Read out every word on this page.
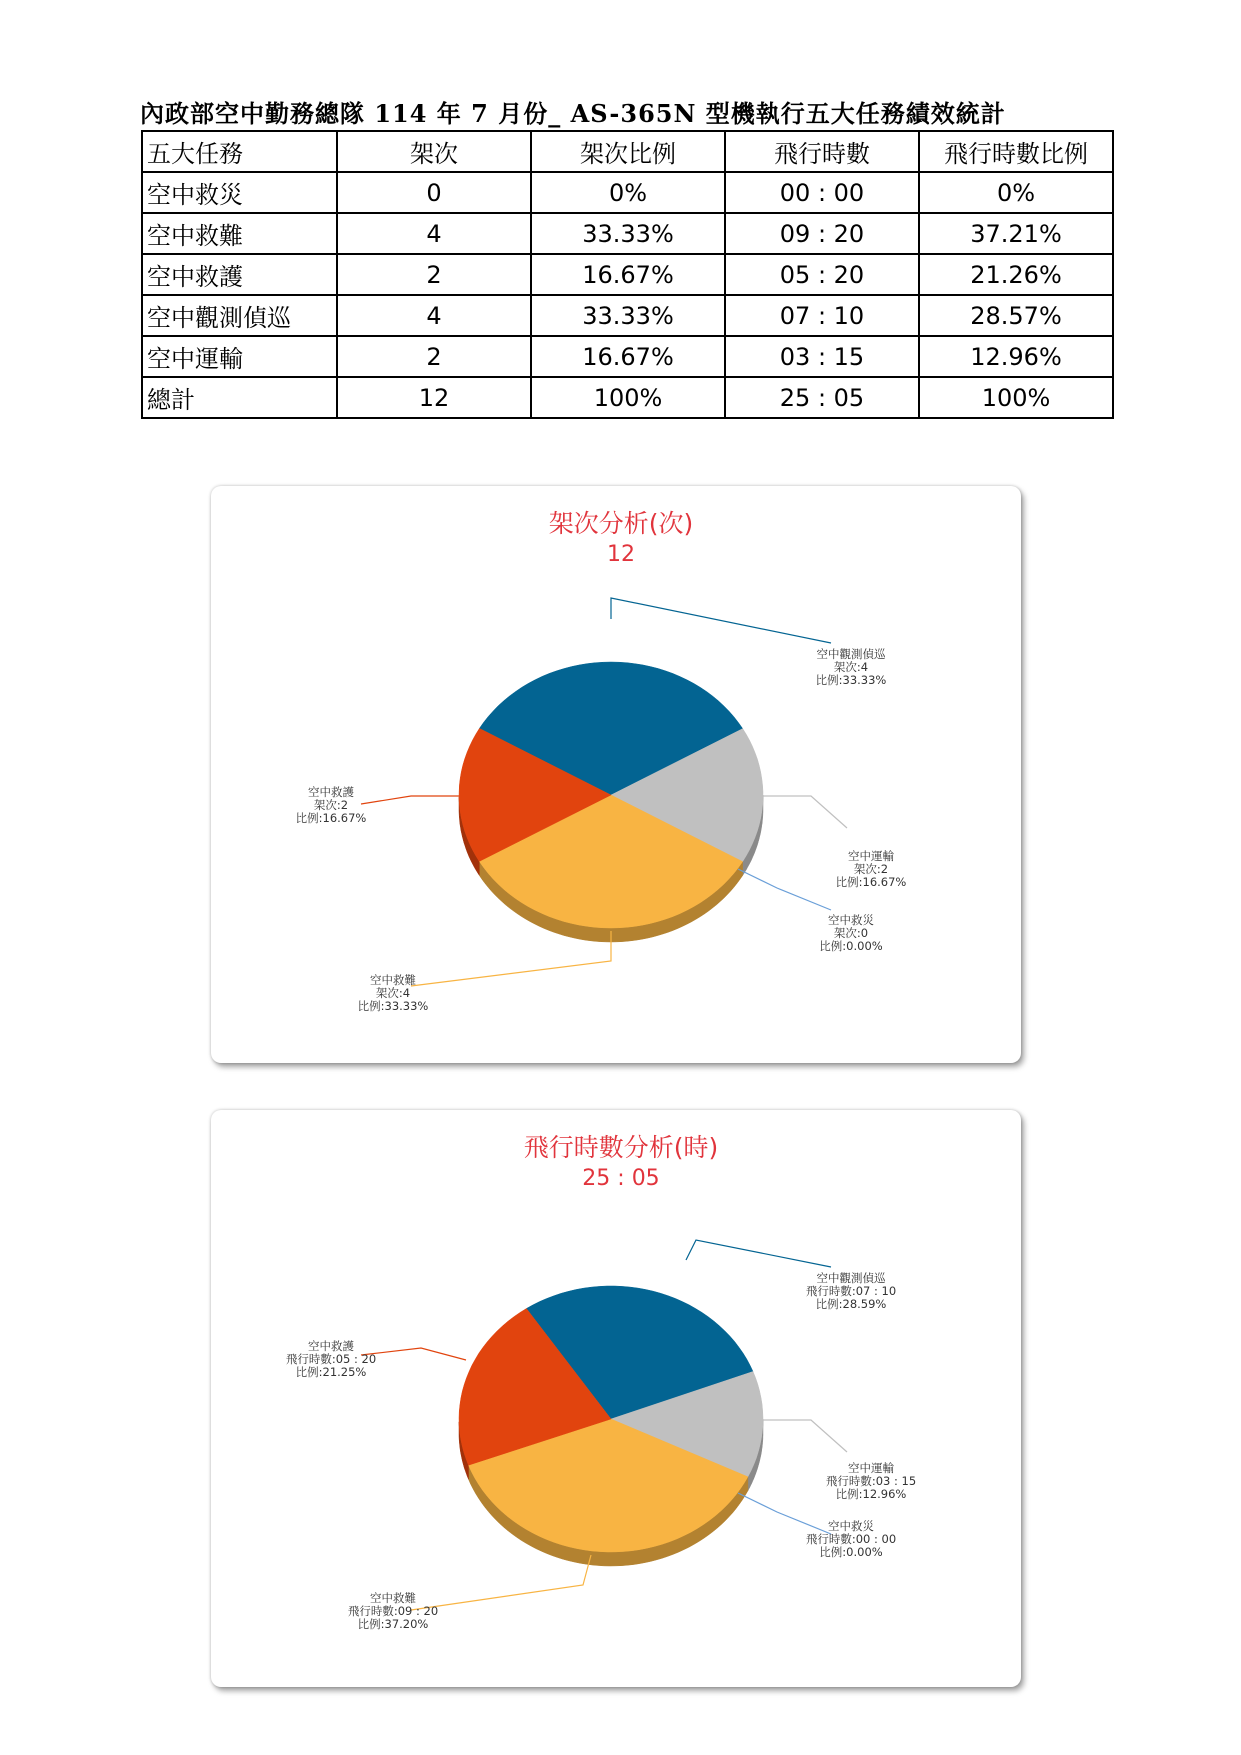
內政部空中勤務總隊 114 年 7 月份_ AS-365N 型機執行五大任務績效統計
五大任務	架次	架次比例	飛行時數	飛行時數比例
空中救災	0	0%	00 : 00	0%
空中救難	4	33.33%	09 : 20	37.21%
空中救護	2	16.67%	05 : 20	21.26%
空中觀測偵巡	4	33.33%	07 : 10	28.57%
空中運輸	2	16.67%	03 : 15	12.96%
總計	12	100%	25 : 05	100%
架次分析(次)
12
空中觀測偵巡架次:4 比例:33.33%
空中運輸架次:2 比例:16.67%
空中救災架次:0 比例:0.00%
空中救難架次:4 比例:33.33%
空中救護架次:2 比例:16.67%
飛行時數分析(時)
25 : 05
空中觀測偵巡飛行時數:07 : 10 比例:28.59%
空中運輸飛行時數:03 : 15 比例:12.96%
空中救災飛行時數:00 : 00 比例:0.00%
空中救難飛行時數:09 : 20 比例:37.20%
空中救護飛行時數:05 : 20 比例:21.25%
